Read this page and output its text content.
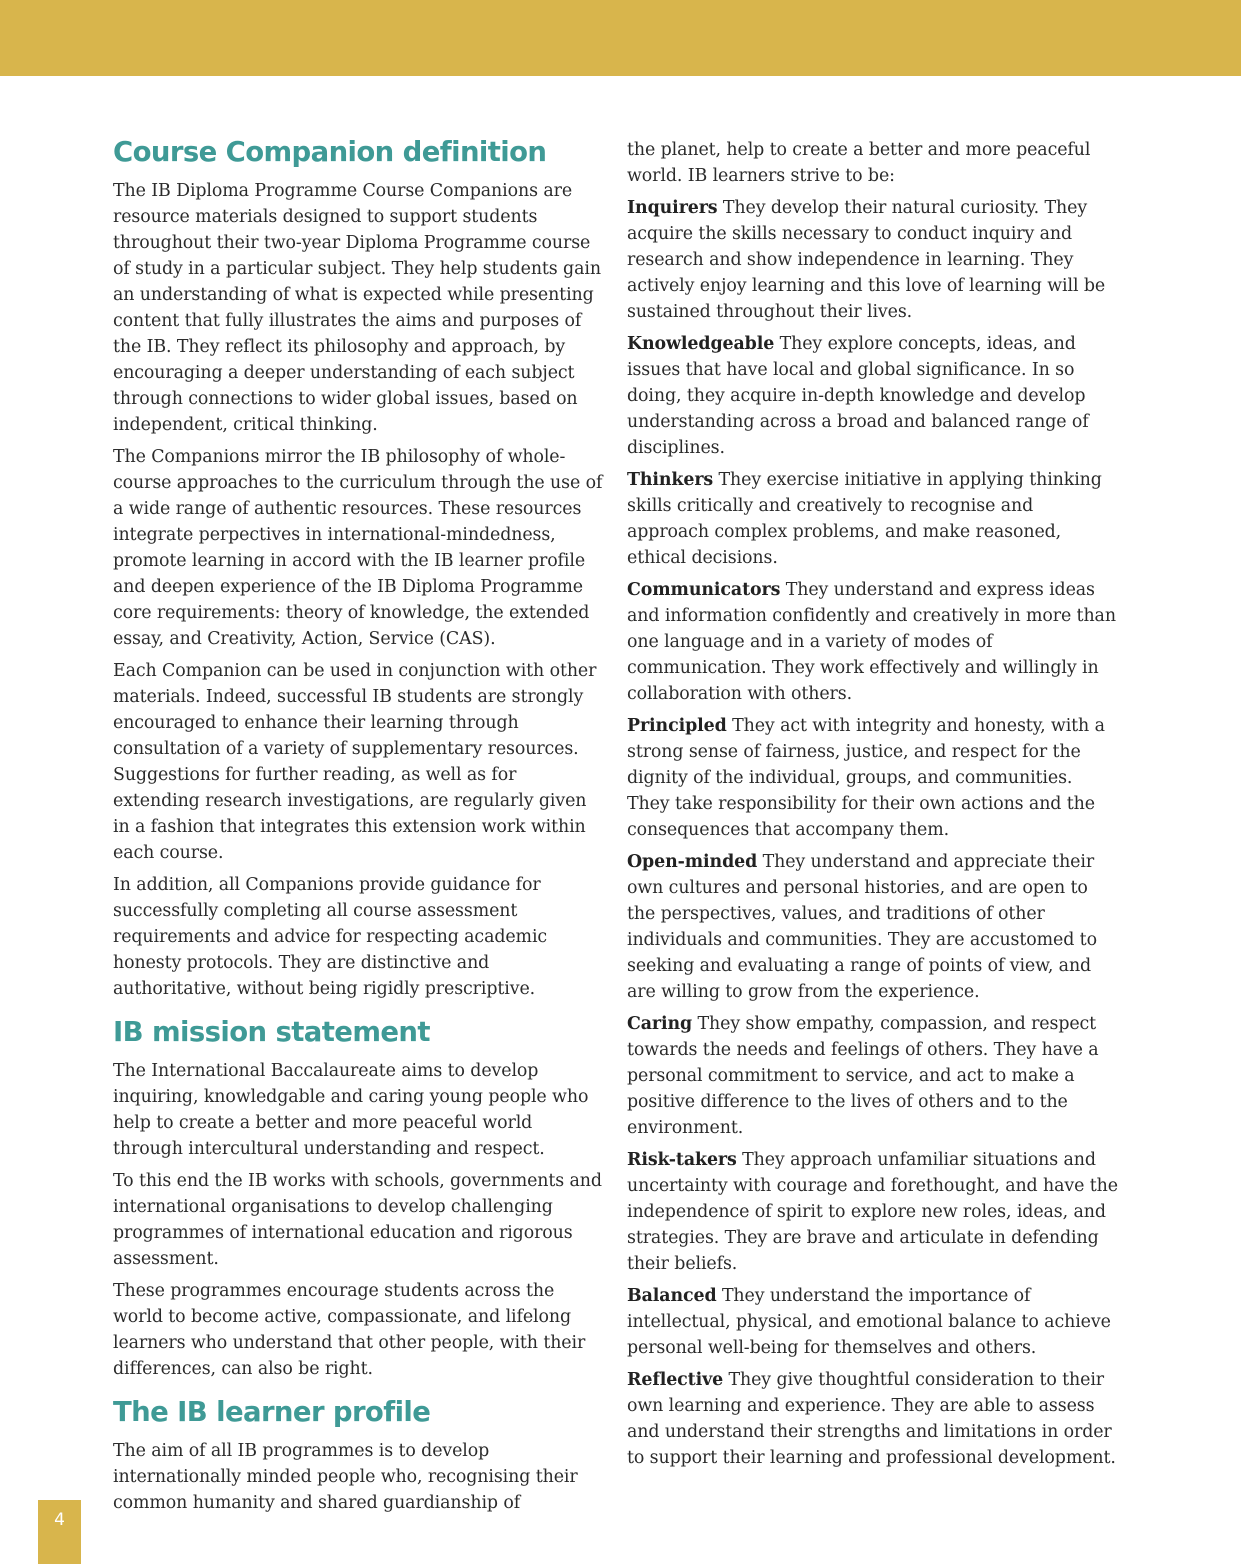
Course Companion definition

The IB Diploma Programme Course Companions are resource materials designed to support students throughout their two-year Diploma Programme course of study in a particular subject. They help students gain an understanding of what is expected while presenting content that fully illustrates the aims and purposes of the IB. They reflect its philosophy and approach, by encouraging a deeper understanding of each subject through connections to wider global issues, based on independent, critical thinking.

The Companions mirror the IB philosophy of whole-course approaches to the curriculum through the use of a wide range of authentic resources. These resources integrate perpectives in international-mindedness, promote learning in accord with the IB learner profile and deepen experience of the IB Diploma Programme core requirements: theory of knowledge, the extended essay, and Creativity, Action, Service (CAS).

Each Companion can be used in conjunction with other materials. Indeed, successful IB students are strongly encouraged to enhance their learning through consultation of a variety of supplementary resources. Suggestions for further reading, as well as for extending research investigations, are regularly given in a fashion that integrates this extension work within each course.

In addition, all Companions provide guidance for successfully completing all course assessment requirements and advice for respecting academic honesty protocols. They are distinctive and authoritative, without being rigidly prescriptive.

IB mission statement

The International Baccalaureate aims to develop inquiring, knowledgable and caring young people who help to create a better and more peaceful world through intercultural understanding and respect.

To this end the IB works with schools, governments and international organisations to develop challenging programmes of international education and rigorous assessment.

These programmes encourage students across the world to become active, compassionate, and lifelong learners who understand that other people, with their differences, can also be right.

The IB learner profile

The aim of all IB programmes is to develop internationally minded people who, recognising their common humanity and shared guardianship of

the planet, help to create a better and more peaceful world. IB learners strive to be:

Inquirers They develop their natural curiosity. They acquire the skills necessary to conduct inquiry and research and show independence in learning. They actively enjoy learning and this love of learning will be sustained throughout their lives.

Knowledgeable They explore concepts, ideas, and issues that have local and global significance. In so doing, they acquire in-depth knowledge and develop understanding across a broad and balanced range of disciplines.

Thinkers They exercise initiative in applying thinking skills critically and creatively to recognise and approach complex problems, and make reasoned, ethical decisions.

Communicators They understand and express ideas and information confidently and creatively in more than one language and in a variety of modes of communication. They work effectively and willingly in collaboration with others.

Principled They act with integrity and honesty, with a strong sense of fairness, justice, and respect for the dignity of the individual, groups, and communities. They take responsibility for their own actions and the consequences that accompany them.

Open-minded They understand and appreciate their own cultures and personal histories, and are open to the perspectives, values, and traditions of other individuals and communities. They are accustomed to seeking and evaluating a range of points of view, and are willing to grow from the experience.

Caring They show empathy, compassion, and respect towards the needs and feelings of others. They have a personal commitment to service, and act to make a positive difference to the lives of others and to the environment.

Risk-takers They approach unfamiliar situations and uncertainty with courage and forethought, and have the independence of spirit to explore new roles, ideas, and strategies. They are brave and articulate in defending their beliefs.

Balanced They understand the importance of intellectual, physical, and emotional balance to achieve personal well-being for themselves and others.

Reflective They give thoughtful consideration to their own learning and experience. They are able to assess and understand their strengths and limitations in order to support their learning and professional development.

4
